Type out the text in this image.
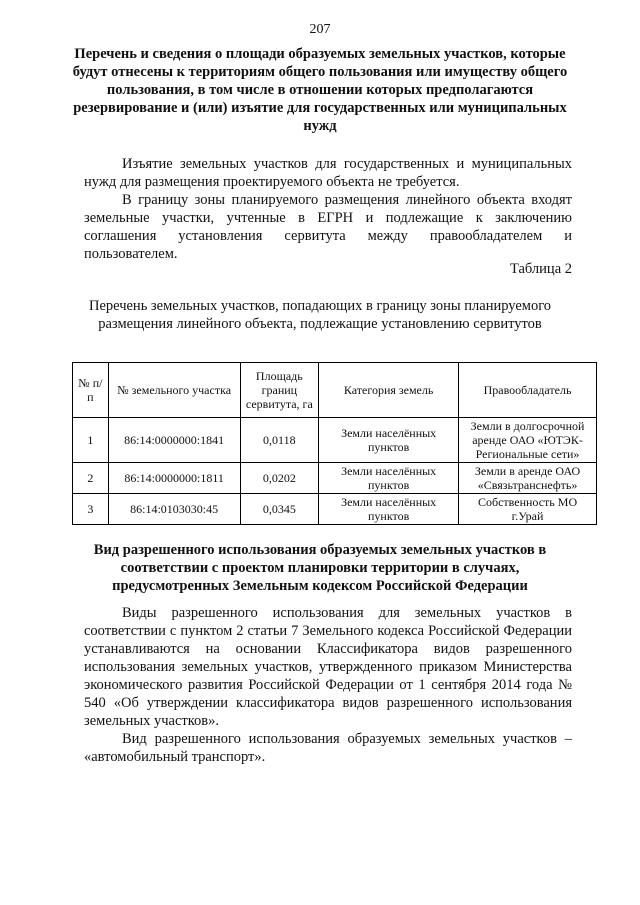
207
Перечень и сведения о площади образуемых земельных участков, которые будут отнесены к территориям общего пользования или имуществу общего пользования, в том числе в отношении которых предполагаются резервирование и (или) изъятие для государственных или муниципальных нужд
Изъятие земельных участков для государственных и муниципальных нужд для размещения проектируемого объекта не требуется.
В границу зоны планируемого размещения линейного объекта входят земельные участки, учтенные в ЕГРН и подлежащие к заключению соглашения установления сервитута между правообладателем и пользователем.
Таблица 2
Перечень земельных участков, попадающих в границу зоны планируемого размещения линейного объекта, подлежащие установлению сервитутов
№ п/п	№ земельного участка	Площадь границ сервитута, га	Категория земель	Правообладатель
1	86:14:0000000:1841	0,0118	Земли населённых пунктов	Земли в долгосрочной аренде ОАО «ЮТЭК-Региональные сети»
2	86:14:0000000:1811	0,0202	Земли населённых пунктов	Земли в аренде ОАО «Связьтранснефть»
3	86:14:0103030:45	0,0345	Земли населённых пунктов	Собственность МО г.Урай
Вид разрешенного использования образуемых земельных участков в соответствии с проектом планировки территории в случаях, предусмотренных Земельным кодексом Российской Федерации
Виды разрешенного использования для земельных участков в соответствии с пунктом 2 статьи 7 Земельного кодекса Российской Федерации устанавливаются на основании Классификатора видов разрешенного использования земельных участков, утвержденного приказом Министерства экономического развития Российской Федерации от 1 сентября 2014 года № 540 «Об утверждении классификатора видов разрешенного использования земельных участков».
Вид разрешенного использования образуемых земельных участков – «автомобильный транспорт».
